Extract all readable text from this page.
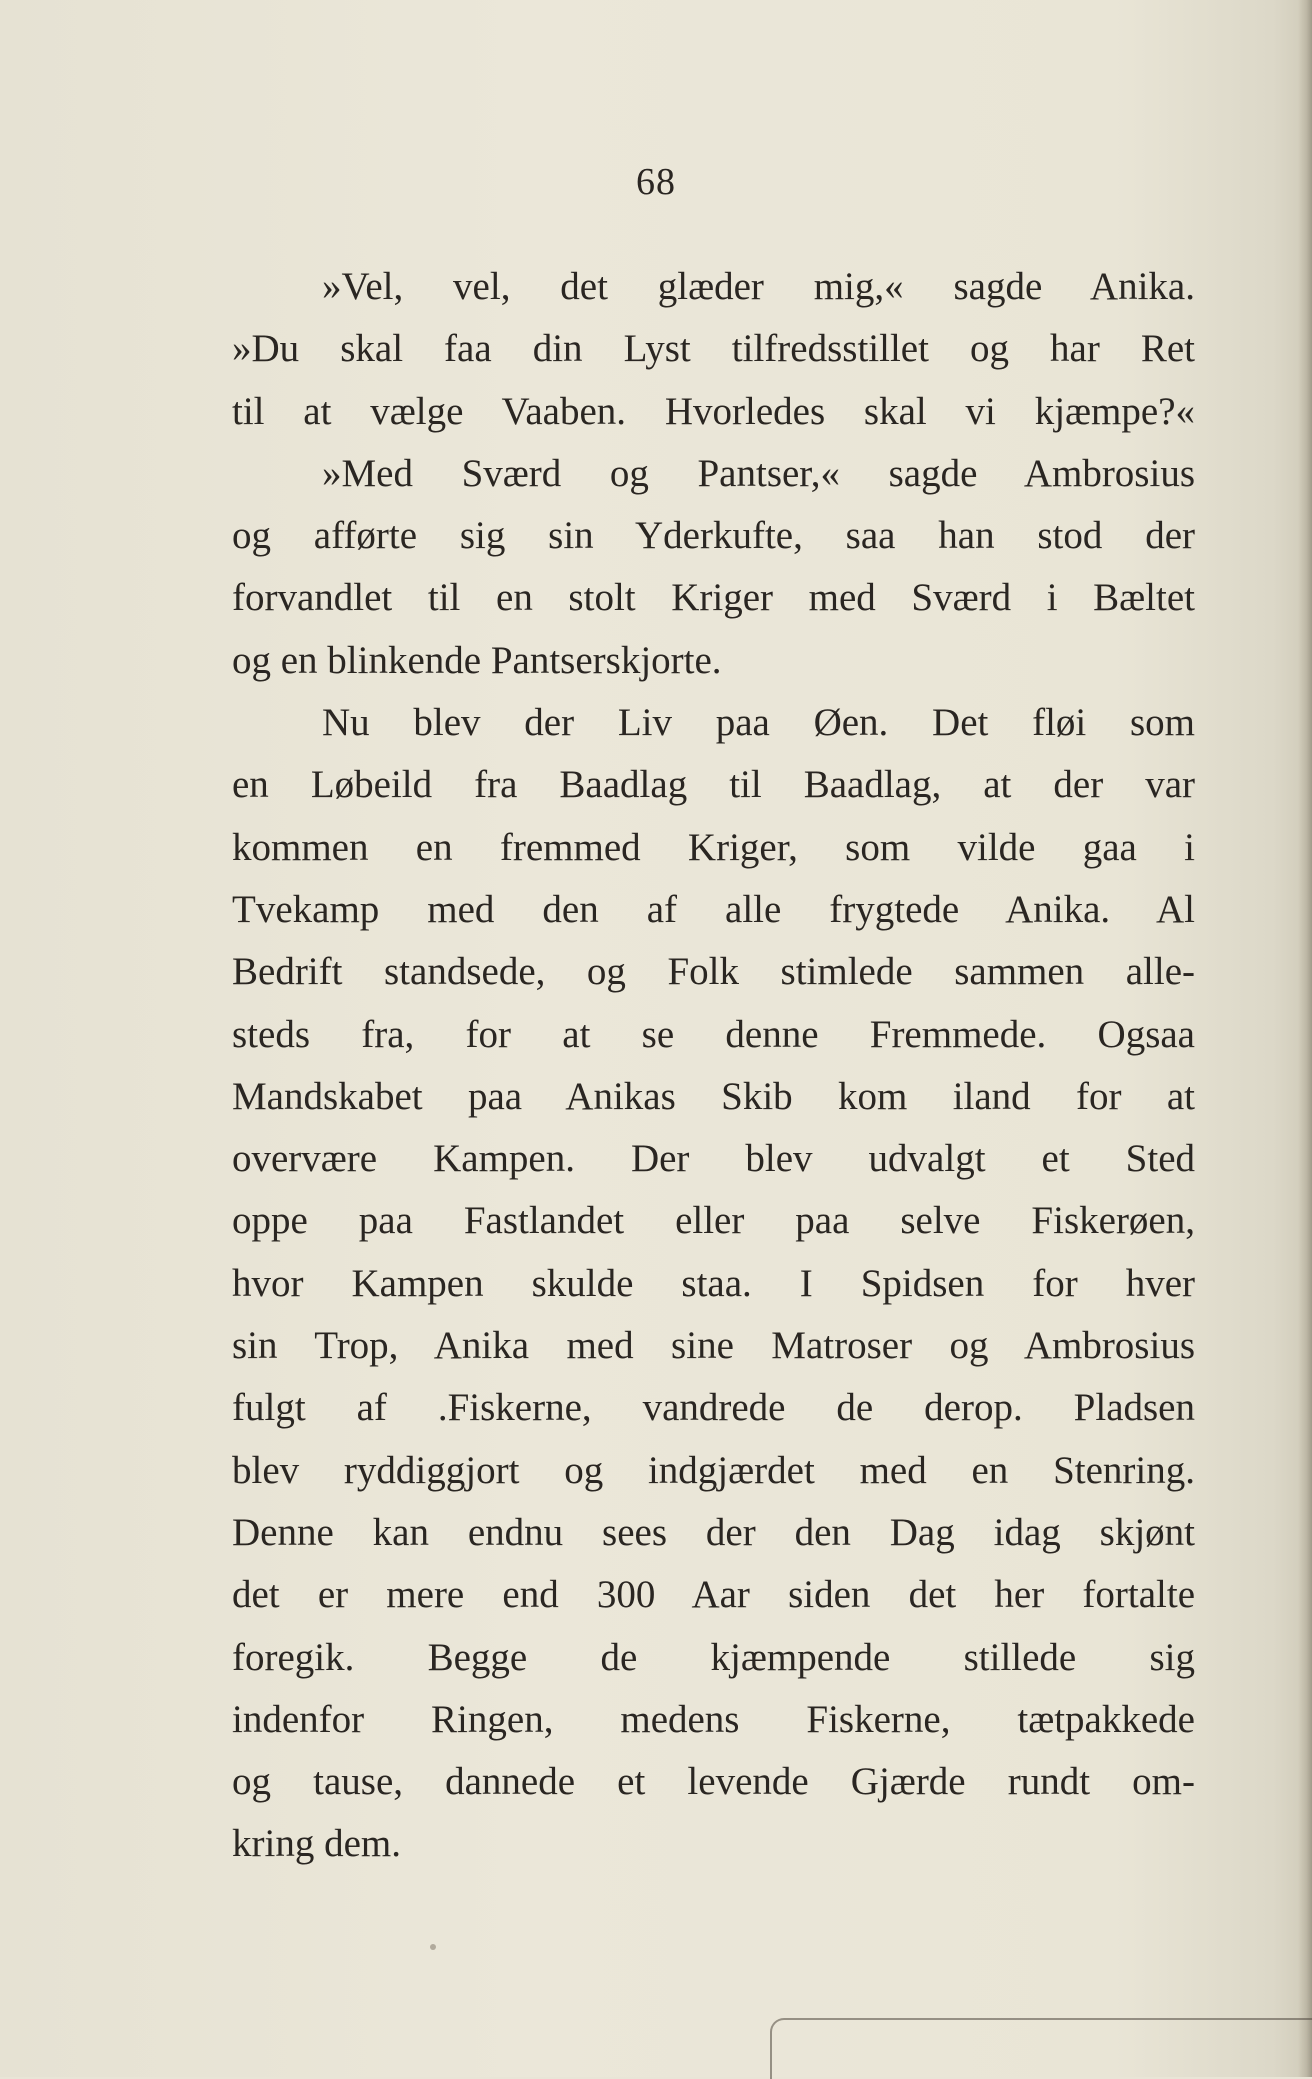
68
»Vel, vel, det glæder mig,« sagde Anika.
»Du skal faa din Lyst tilfredsstillet og har Ret
til at vælge Vaaben. Hvorledes skal vi kjæmpe?«
»Med Sværd og Pantser,« sagde Ambrosius
og afførte sig sin Yderkufte, saa han stod der
forvandlet til en stolt Kriger med Sværd i Bæltet
og en blinkende Pantserskjorte.
Nu blev der Liv paa Øen. Det fløi som
en Løbeild fra Baadlag til Baadlag, at der var
kommen en fremmed Kriger, som vilde gaa i
Tvekamp med den af alle frygtede Anika. Al
Bedrift standsede, og Folk stimlede sammen alle-
steds fra, for at se denne Fremmede. Ogsaa
Mandskabet paa Anikas Skib kom iland for at
overvære Kampen. Der blev udvalgt et Sted
oppe paa Fastlandet eller paa selve Fiskerøen,
hvor Kampen skulde staa. I Spidsen for hver
sin Trop, Anika med sine Matroser og Ambrosius
fulgt af .Fiskerne, vandrede de derop. Pladsen
blev ryddiggjort og indgjærdet med en Stenring.
Denne kan endnu sees der den Dag idag skjønt
det er mere end 300 Aar siden det her fortalte
foregik. Begge de kjæmpende stillede sig
indenfor Ringen, medens Fiskerne, tætpakkede
og tause, dannede et levende Gjærde rundt om-
kring dem.
